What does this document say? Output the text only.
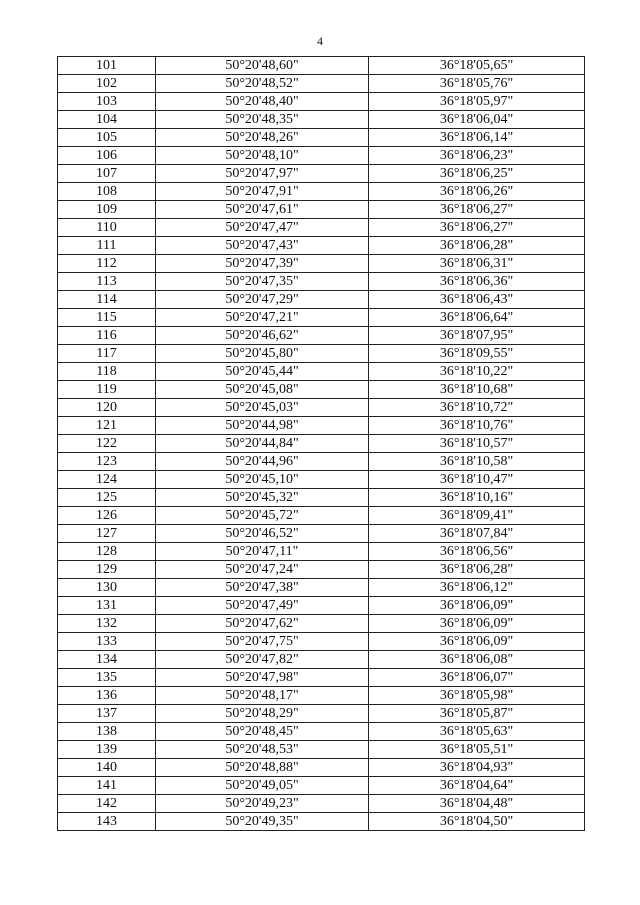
4
101	50°20'48,60"	36°18'05,65"
102	50°20'48,52"	36°18'05,76"
103	50°20'48,40"	36°18'05,97"
104	50°20'48,35"	36°18'06,04"
105	50°20'48,26"	36°18'06,14"
106	50°20'48,10"	36°18'06,23"
107	50°20'47,97"	36°18'06,25"
108	50°20'47,91"	36°18'06,26"
109	50°20'47,61"	36°18'06,27"
110	50°20'47,47"	36°18'06,27"
111	50°20'47,43"	36°18'06,28"
112	50°20'47,39"	36°18'06,31"
113	50°20'47,35"	36°18'06,36"
114	50°20'47,29"	36°18'06,43"
115	50°20'47,21"	36°18'06,64"
116	50°20'46,62"	36°18'07,95"
117	50°20'45,80"	36°18'09,55"
118	50°20'45,44"	36°18'10,22"
119	50°20'45,08"	36°18'10,68"
120	50°20'45,03"	36°18'10,72"
121	50°20'44,98"	36°18'10,76"
122	50°20'44,84"	36°18'10,57"
123	50°20'44,96"	36°18'10,58"
124	50°20'45,10"	36°18'10,47"
125	50°20'45,32"	36°18'10,16"
126	50°20'45,72"	36°18'09,41"
127	50°20'46,52"	36°18'07,84"
128	50°20'47,11"	36°18'06,56"
129	50°20'47,24"	36°18'06,28"
130	50°20'47,38"	36°18'06,12"
131	50°20'47,49"	36°18'06,09"
132	50°20'47,62"	36°18'06,09"
133	50°20'47,75"	36°18'06,09"
134	50°20'47,82"	36°18'06,08"
135	50°20'47,98"	36°18'06,07"
136	50°20'48,17"	36°18'05,98"
137	50°20'48,29"	36°18'05,87"
138	50°20'48,45"	36°18'05,63"
139	50°20'48,53"	36°18'05,51"
140	50°20'48,88"	36°18'04,93"
141	50°20'49,05"	36°18'04,64"
142	50°20'49,23"	36°18'04,48"
143	50°20'49,35"	36°18'04,50"
